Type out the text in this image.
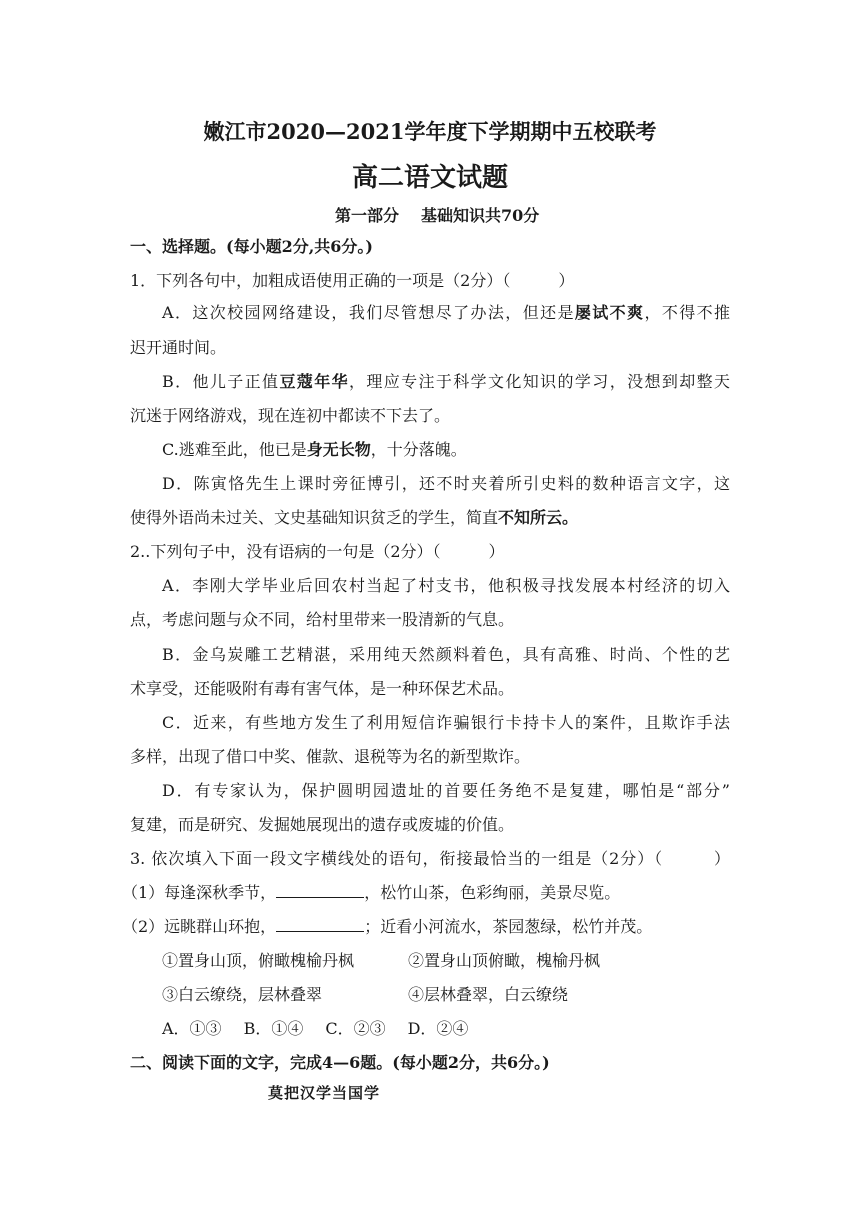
嫩江市2020—2021学年度下学期期中五校联考
高二语文试题
第一部分 基础知识共70分
一、选择题。(每小题2分,共6分。)
1．下列各句中，加粗成语使用正确的一项是（2分）（　　　）
A．这次校园网络建设，我们尽管想尽了办法，但还是屡试不爽，不得不推
迟开通时间。
B．他儿子正值豆蔻年华，理应专注于科学文化知识的学习，没想到却整天
沉迷于网络游戏，现在连初中都读不下去了。
C.逃难至此，他已是身无长物，十分落魄。
D．陈寅恪先生上课时旁征博引，还不时夹着所引史料的数种语言文字，这
使得外语尚未过关、文史基础知识贫乏的学生，简直不知所云。
2..下列句子中，没有语病的一句是（2分）（　　　）
A．李刚大学毕业后回农村当起了村支书，他积极寻找发展本村经济的切入
点，考虑问题与众不同，给村里带来一股清新的气息。
B．金乌炭雕工艺精湛，采用纯天然颜料着色，具有高雅、时尚、个性的艺
术享受，还能吸附有毒有害气体，是一种环保艺术品。
C．近来，有些地方发生了利用短信诈骗银行卡持卡人的案件，且欺诈手法
多样，出现了借口中奖、催款、退税等为名的新型欺诈。
D．有专家认为，保护圆明园遗址的首要任务绝不是复建，哪怕是“部分”
复建，而是研究、发掘她展现出的遗存或废墟的价值。
3. 依次填入下面一段文字横线处的语句，衔接最恰当的一组是（2分）（　　　）
（1）每逢深秋季节，	，松竹山茶，色彩绚丽，美景尽览。
（2）远眺群山环抱，	；近看小河流水，茶园葱绿，松竹并茂。
①置身山顶，俯瞰槐榆丹枫	②置身山顶俯瞰，槐榆丹枫
③白云缭绕，层林叠翠	④层林叠翠，白云缭绕
A．①③ B．①④ C．②③ D．②④
二、阅读下面的文字，完成4—6题。(每小题2分，共6分。)
莫把汉学当国学
